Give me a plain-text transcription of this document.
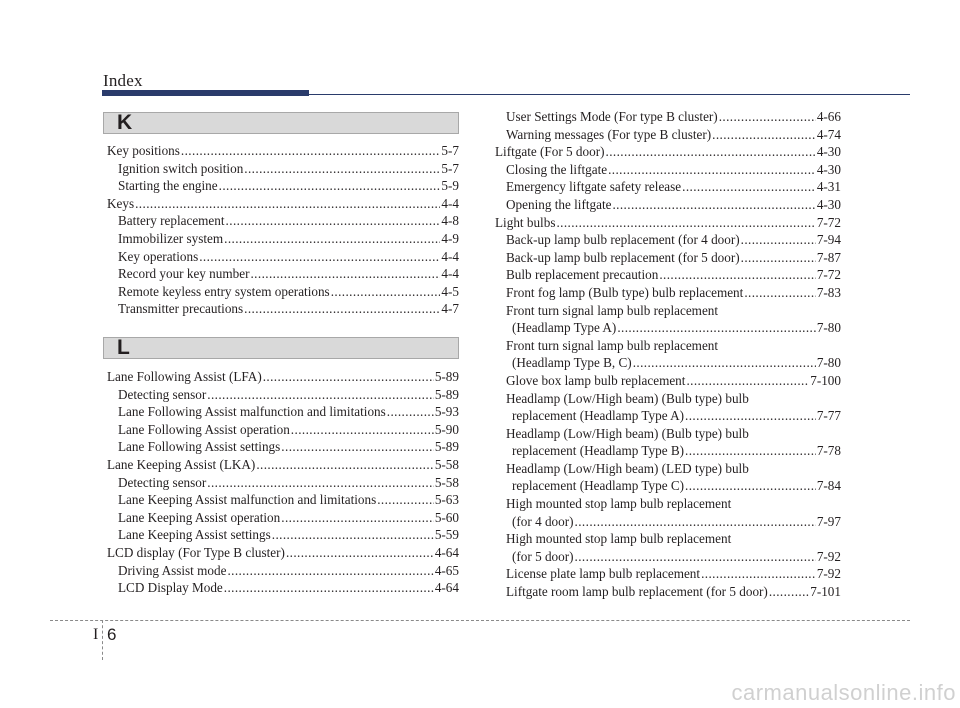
Index
K
Key positions .....	5-7
Ignition switch position .....	5-7
Starting the engine .....	5-9
Keys .....	4-4
Battery replacement .....	4-8
Immobilizer system .....	4-9
Key operations .....	4-4
Record your key number .....	4-4
Remote keyless entry system operations .....	4-5
Transmitter precautions .....	4-7
L
Lane Following Assist (LFA) .....	5-89
Detecting sensor .....	5-89
Lane Following Assist malfunction and limitations .....	5-93
Lane Following Assist operation .....	5-90
Lane Following Assist settings .....	5-89
Lane Keeping Assist (LKA) .....	5-58
Detecting sensor .....	5-58
Lane Keeping Assist malfunction and limitations .....	5-63
Lane Keeping Assist operation .....	5-60
Lane Keeping Assist settings .....	5-59
LCD display (For Type B cluster) .....	4-64
Driving Assist mode .....	4-65
LCD Display Mode .....	4-64
User Settings Mode (For type B cluster) .....	4-66
Warning messages (For type B cluster) .....	4-74
Liftgate (For 5 door) .....	4-30
Closing the liftgate .....	4-30
Emergency liftgate safety release .....	4-31
Opening the liftgate .....	4-30
Light bulbs .....	7-72
Back-up lamp bulb replacement (for 4 door) .....	7-94
Back-up lamp bulb replacement (for 5 door) .....	7-87
Bulb replacement precaution .....	7-72
Front fog lamp (Bulb type) bulb replacement .....	7-83
Front turn signal lamp bulb replacement
(Headlamp Type A) .....	7-80
Front turn signal lamp bulb replacement
(Headlamp Type B, C) .....	7-80
Glove box lamp bulb replacement .....	7-100
Headlamp (Low/High beam) (Bulb type) bulb
replacement (Headlamp Type A) .....	7-77
Headlamp (Low/High beam) (Bulb type) bulb
replacement (Headlamp Type B) .....	7-78
Headlamp (Low/High beam) (LED type) bulb
replacement (Headlamp Type C) .....	7-84
High mounted stop lamp bulb replacement
(for 4 door) .....	7-97
High mounted stop lamp bulb replacement
(for 5 door) .....	7-92
License plate lamp bulb replacement .....	7-92
Liftgate room lamp bulb replacement (for 5 door) .....	7-101
I 6
carmanualsonline.info
